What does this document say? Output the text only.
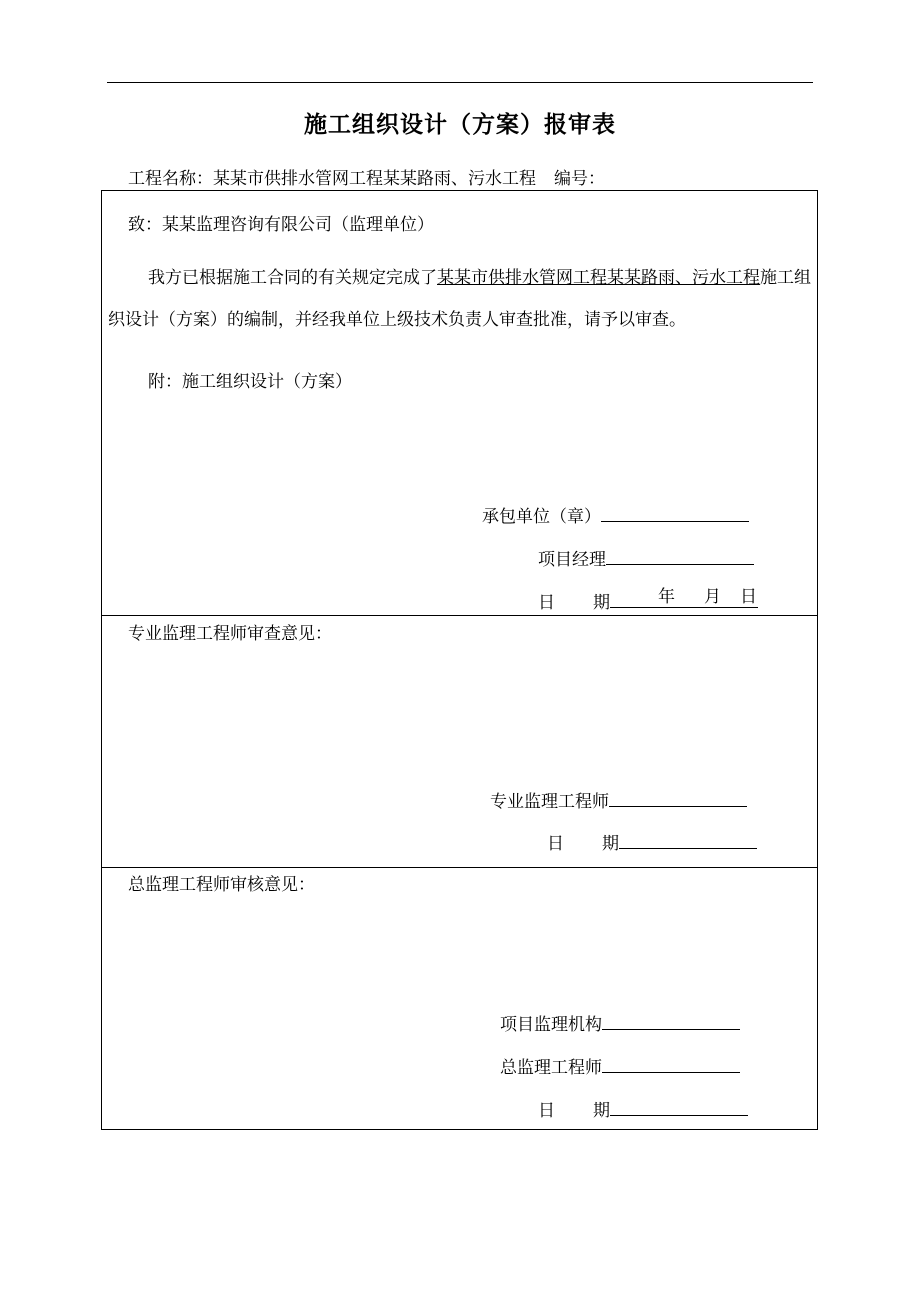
施工组织设计（方案）报审表
工程名称：某某市供排水管网工程某某路雨、污水工程 编号：
致：某某监理咨询有限公司（监理单位）
我方已根据施工合同的有关规定完成了某某市供排水管网工程某某路雨、污水工程施工组织设计（方案）的编制，并经我单位上级技术负责人审查批准，请予以审查。
附：施工组织设计（方案）
承包单位（章）
项目经理
日 期	年 月 日
专业监理工程师审查意见：
专业监理工程师
日 期
总监理工程师审核意见：
项目监理机构
总监理工程师
日 期
